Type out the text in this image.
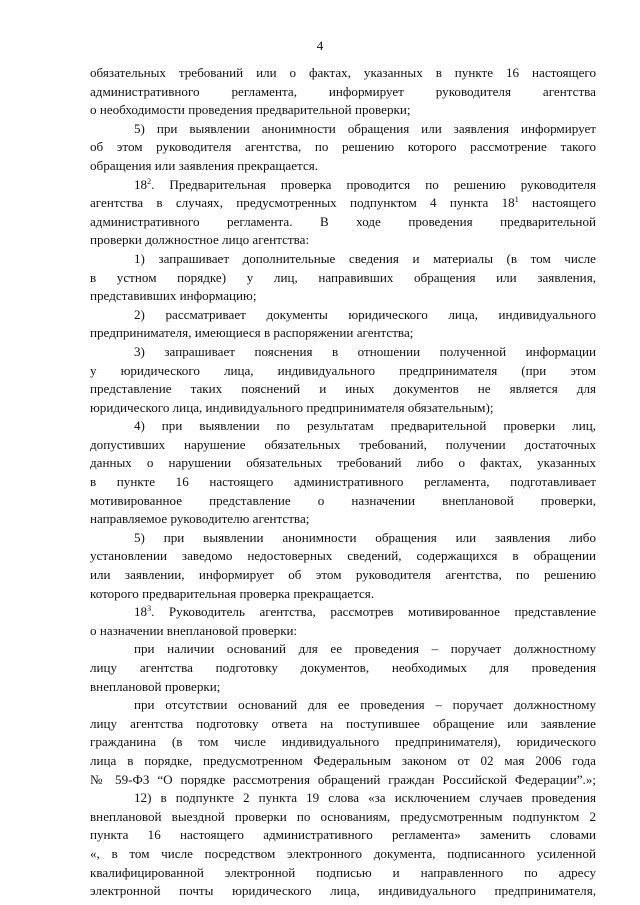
4

обязательных требований или о фактах, указанных в пункте 16 настоящего

административного регламента, информирует руководителя агентства

о необходимости проведения предварительной проверки;

5) при выявлении анонимности обращения или заявления информирует

об этом руководителя агентства, по решению которого рассмотрение такого

обращения или заявления прекращается.

$18^2$. Предварительная проверка проводится по решению руководителя

агентства в случаях, предусмотренных подпунктом 4 пункта $18^1$ настоящего

административного регламента. В ходе проведения предварительной

проверки должностное лицо агентства:

1) запрашивает дополнительные сведения и материалы (в том числе

в устном порядке) у лиц, направивших обращения или заявления,

представивших информацию;

2) рассматривает документы юридического лица, индивидуального

предпринимателя, имеющиеся в распоряжении агентства;

3) запрашивает пояснения в отношении полученной информации

у юридического лица, индивидуального предпринимателя (при этом

представление таких пояснений и иных документов не является для

юридического лица, индивидуального предпринимателя обязательным);

4) при выявлении по результатам предварительной проверки лиц,

допустивших нарушение обязательных требований, получении достаточных

данных о нарушении обязательных требований либо о фактах, указанных

в пункте 16 настоящего административного регламента, подготавливает

мотивированное представление о назначении внеплановой проверки,

направляемое руководителю агентства;

5) при выявлении анонимности обращения или заявления либо

установлении заведомо недостоверных сведений, содержащихся в обращении

или заявлении, информирует об этом руководителя агентства, по решению

которого предварительная проверка прекращается.

$18^3$. Руководитель агентства, рассмотрев мотивированное представление

о назначении внеплановой проверки:

при наличии оснований для ее проведения – поручает должностному

лицу агентства подготовку документов, необходимых для проведения

внеплановой проверки;

при отсутствии оснований для ее проведения – поручает должностному

лицу агентства подготовку ответа на поступившее обращение или заявление

гражданина (в том числе индивидуального предпринимателя), юридического

лица в порядке, предусмотренном Федеральным законом от 02 мая 2006 года

№ 59-ФЗ “О порядке рассмотрения обращений граждан Российской Федерации”.»;

12) в подпункте 2 пункта 19 слова «за исключением случаев проведения

внеплановой выездной проверки по основаниям, предусмотренным подпунктом 2

пункта 16 настоящего административного регламента» заменить словами

«, в том числе посредством электронного документа, подписанного усиленной

квалифицированной электронной подписью и направленного по адресу

электронной почты юридического лица, индивидуального предпринимателя,
